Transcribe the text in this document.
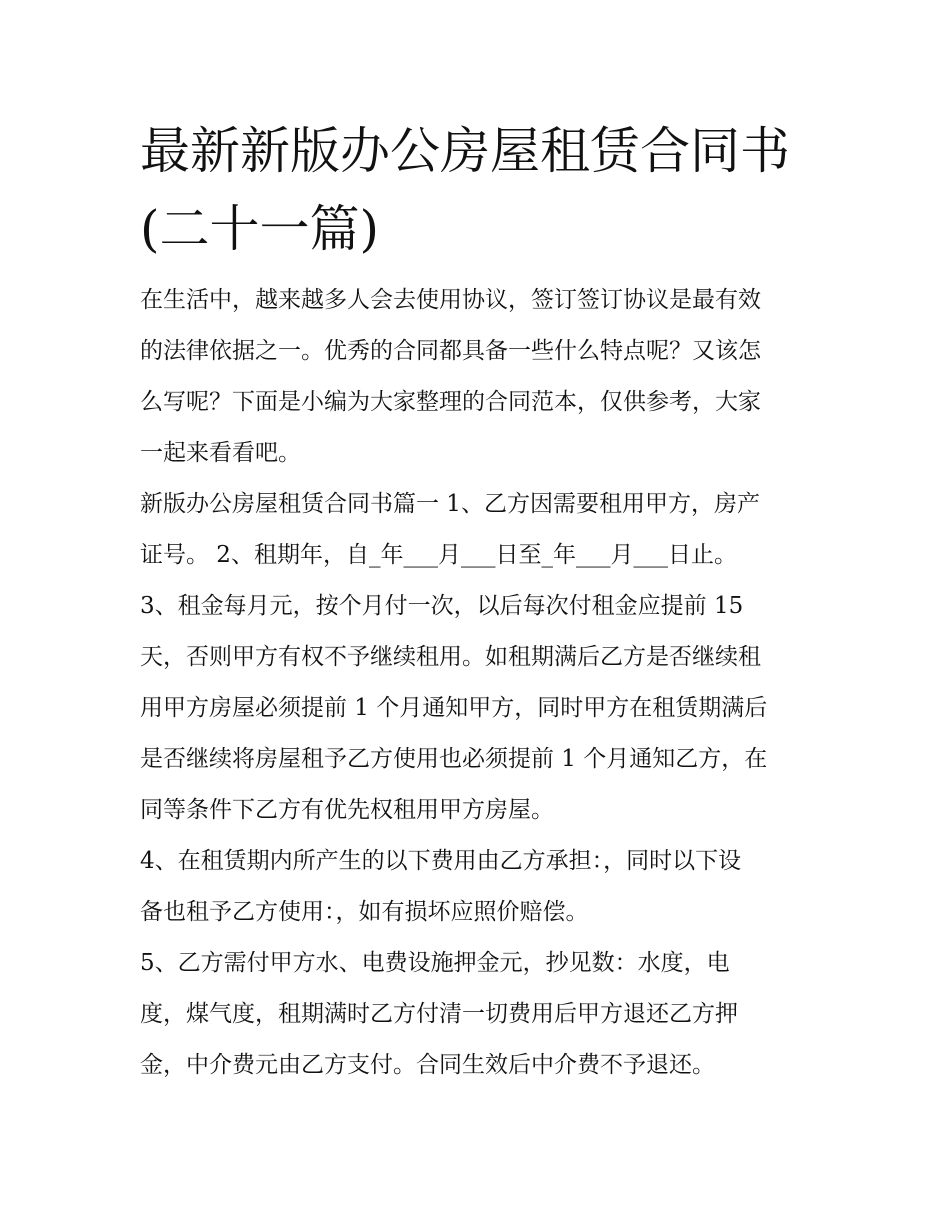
最新新版办公房屋租赁合同书
(二十一篇)

在生活中，越来越多人会去使用协议，签订签订协议是最有效
的法律依据之一。优秀的合同都具备一些什么特点呢？又该怎
么写呢？下面是小编为大家整理的合同范本，仅供参考，大家
一起来看看吧。

新版办公房屋租赁合同书篇一 1、乙方因需要租用甲方，房产
证号。 2、租期年，自_年___月___日至_年___月___日止。

3、租金每月元，按个月付一次，以后每次付租金应提前 15
天，否则甲方有权不予继续租用。如租期满后乙方是否继续租
用甲方房屋必须提前 1 个月通知甲方，同时甲方在租赁期满后
是否继续将房屋租予乙方使用也必须提前 1 个月通知乙方，在
同等条件下乙方有优先权租用甲方房屋。

4、在租赁期内所产生的以下费用由乙方承担：，同时以下设
备也租予乙方使用：，如有损坏应照价赔偿。

5、乙方需付甲方水、电费设施押金元，抄见数：水度，电
度，煤气度，租期满时乙方付清一切费用后甲方退还乙方押
金，中介费元由乙方支付。合同生效后中介费不予退还。
